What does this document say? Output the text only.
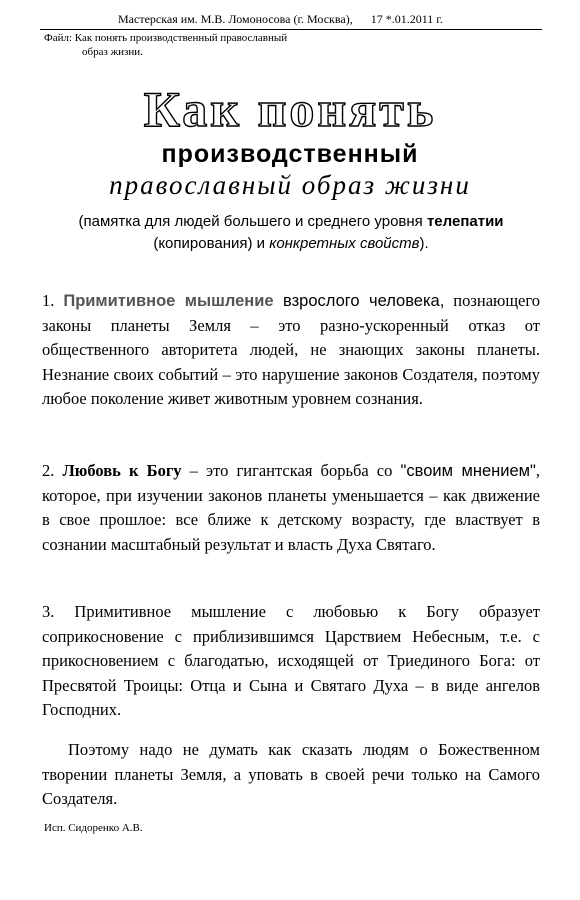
Мастерская им. М.В. Ломоносова (г. Москва),      17 *.01.2011 г.
Файл: Как понять производственный православный
образ жизни.
Как понять
производственный
православный образ жизни
(памятка для людей большего и среднего уровня телепатии (копирования) и конкретных свойств).
1. Примитивное мышление взрослого человека, познающего законы планеты Земля – это разно-ускоренный отказ от общественного авторитета людей, не знающих законы планеты. Незнание своих событий – это нарушение законов Создателя, поэтому любое поколение живет животным уровнем сознания.
2. Любовь к Богу – это гигантская борьба со "своим мнением", которое, при изучении законов планеты уменьшается – как движение в свое прошлое: все ближе к детскому возрасту, где властвует в сознании масштабный результат и власть Духа Святаго.
3. Примитивное мышление с любовью к Богу образует соприкосновение с приблизившимся Царствием Небесным, т.е. с прикосновением с благодатью, исходящей от Триединого Бога: от Пресвятой Троицы: Отца и Сына и Святаго Духа – в виде ангелов Господних.
Поэтому надо не думать как сказать людям о Божественном творении планеты Земля, а уповать в своей речи только на Самого Создателя.
Исп. Сидоренко А.В.
